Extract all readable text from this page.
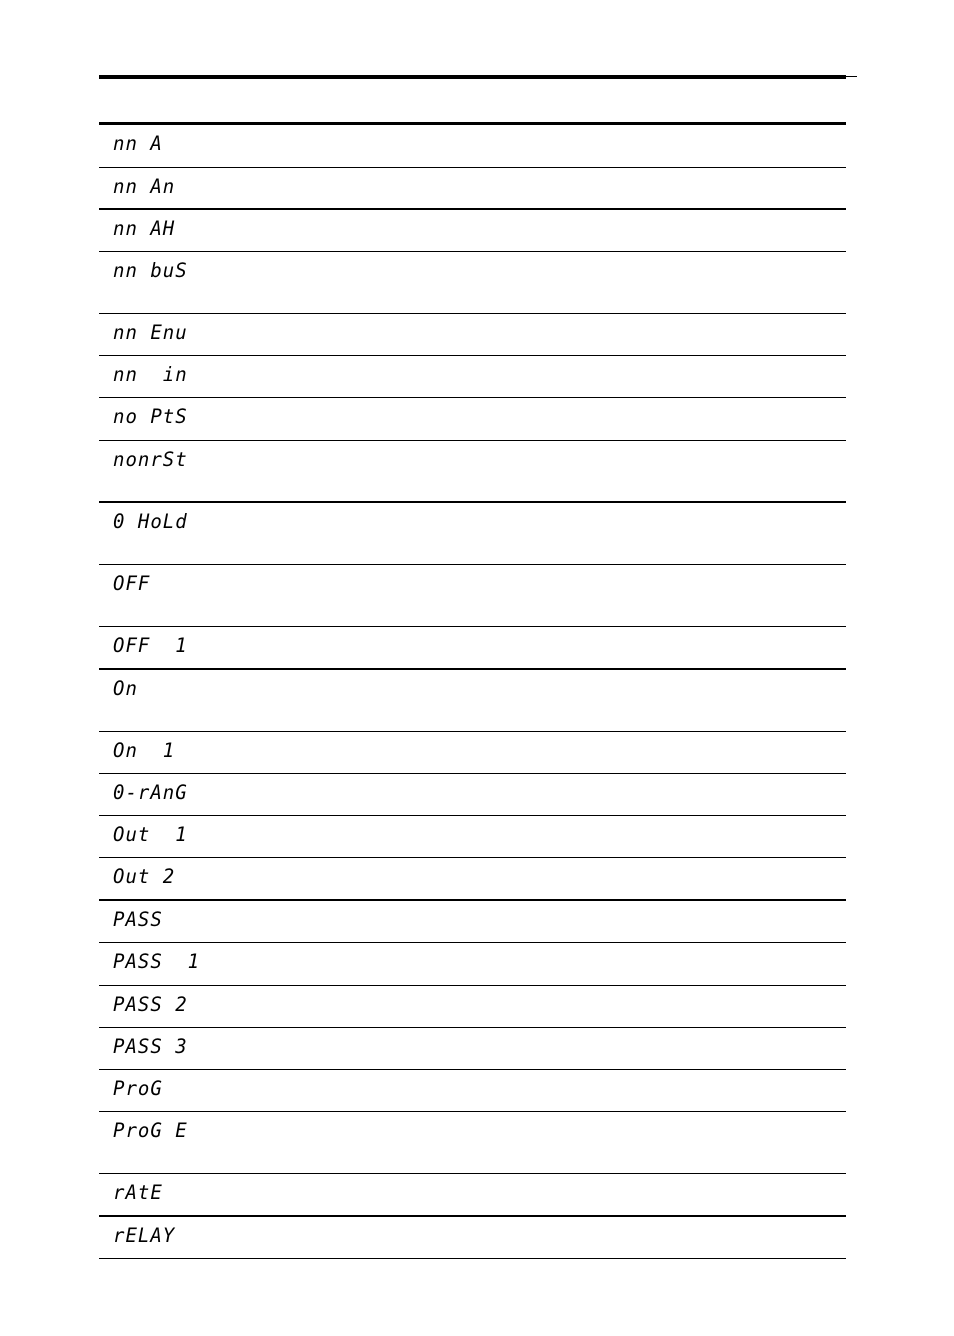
nn A
nn An
nn AH
nn buS
nn Enu
nn  in
no PtS
nonrSt
0 HoLd
OFF
OFF  1
On
On  1
0-rAnG
Out  1
Out 2
PASS
PASS  1
PASS 2
PASS 3
ProG
ProG E
rAtE
rELAY
